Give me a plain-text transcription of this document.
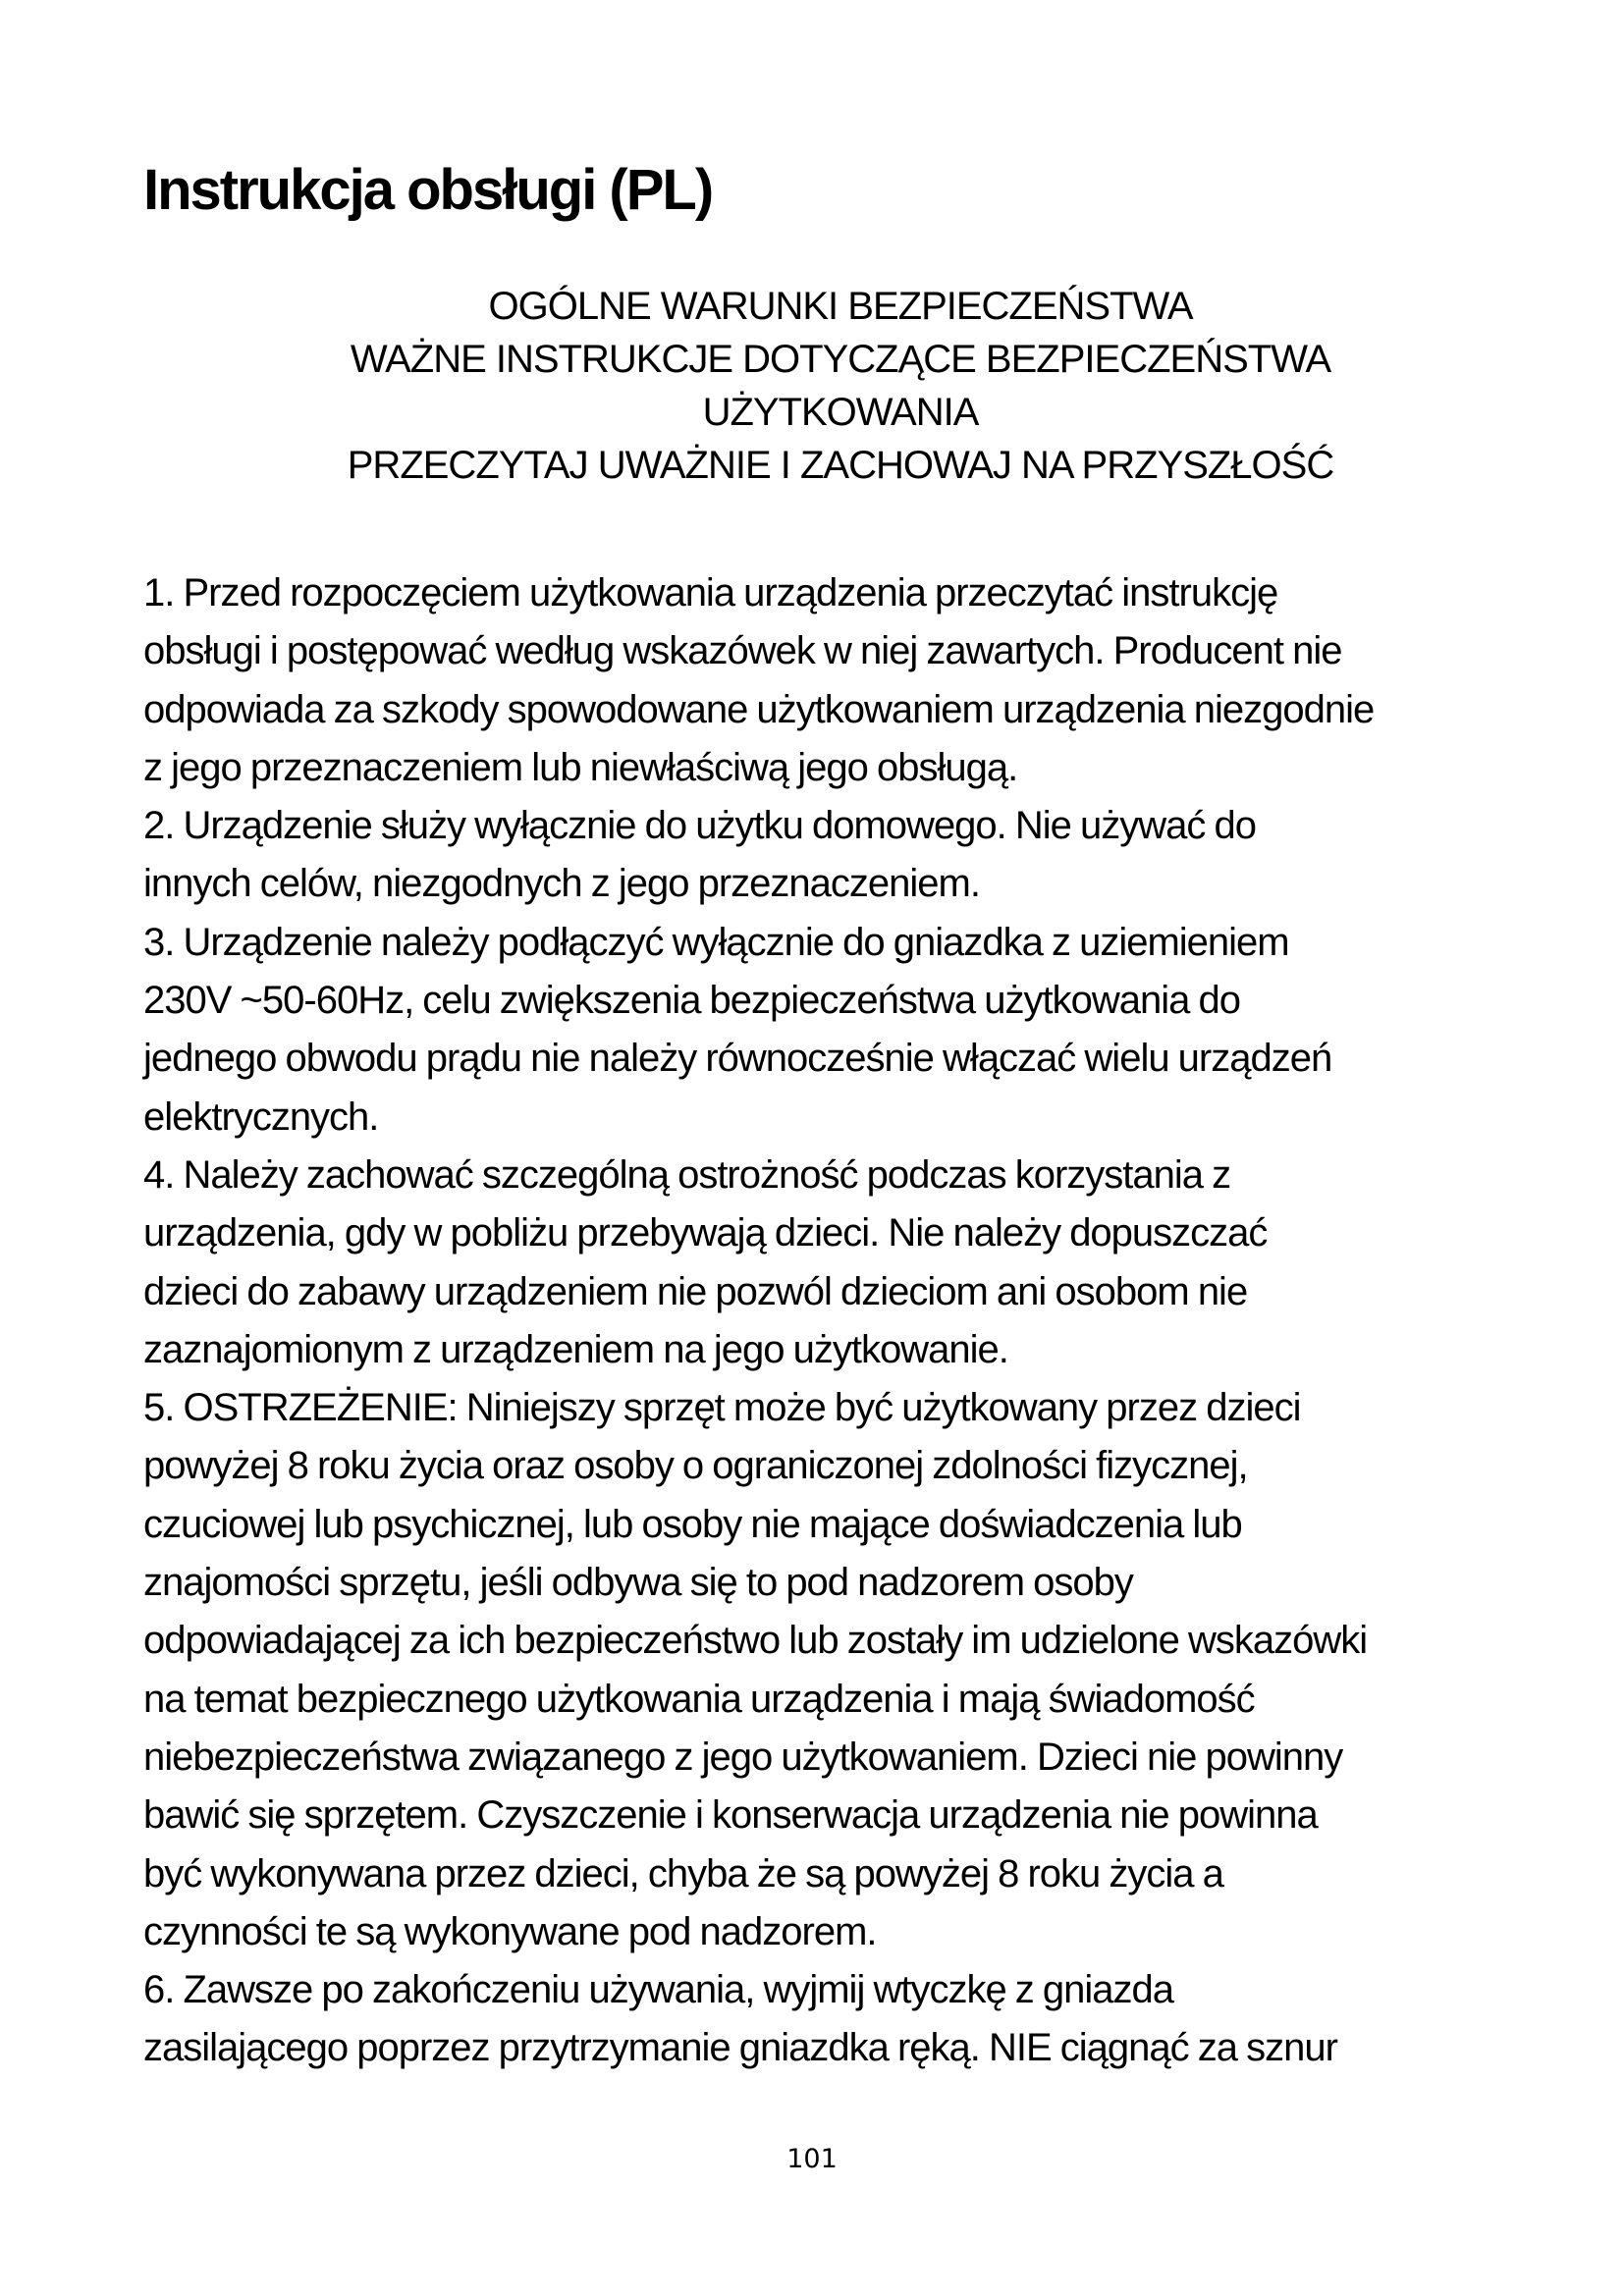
Instrukcja obsługi (PL)
OGÓLNE WARUNKI BEZPIECZEŃSTWA
WAŻNE INSTRUKCJE DOTYCZĄCE BEZPIECZEŃSTWA
UŻYTKOWANIA
PRZECZYTAJ UWAŻNIE I ZACHOWAJ NA PRZYSZŁOŚĆ
1. Przed rozpoczęciem użytkowania urządzenia przeczytać instrukcję
obsługi i postępować według wskazówek w niej zawartych. Producent nie
odpowiada za szkody spowodowane użytkowaniem urządzenia niezgodnie
z jego przeznaczeniem lub niewłaściwą jego obsługą.
2. Urządzenie służy wyłącznie do użytku domowego. Nie używać do
innych celów, niezgodnych z jego przeznaczeniem.
3. Urządzenie należy podłączyć wyłącznie do gniazdka z uziemieniem
230V ~50-60Hz, celu zwiększenia bezpieczeństwa użytkowania do
jednego obwodu prądu nie należy równocześnie włączać wielu urządzeń
elektrycznych.
4. Należy zachować szczególną ostrożność podczas korzystania z
urządzenia, gdy w pobliżu przebywają dzieci. Nie należy dopuszczać
dzieci do zabawy urządzeniem nie pozwól dzieciom ani osobom nie
zaznajomionym z urządzeniem na jego użytkowanie.
5. OSTRZEŻENIE: Niniejszy sprzęt może być użytkowany przez dzieci
powyżej 8 roku życia oraz osoby o ograniczonej zdolności fizycznej,
czuciowej lub psychicznej, lub osoby nie mające doświadczenia lub
znajomości sprzętu, jeśli odbywa się to pod nadzorem osoby
odpowiadającej za ich bezpieczeństwo lub zostały im udzielone wskazówki
na temat bezpiecznego użytkowania urządzenia i mają świadomość
niebezpieczeństwa związanego z jego użytkowaniem. Dzieci nie powinny
bawić się sprzętem. Czyszczenie i konserwacja urządzenia nie powinna
być wykonywana przez dzieci, chyba że są powyżej 8 roku życia a
czynności te są wykonywane pod nadzorem.
6. Zawsze po zakończeniu używania, wyjmij wtyczkę z gniazda
zasilającego poprzez przytrzymanie gniazdka ręką. NIE ciągnąć za sznur
101
